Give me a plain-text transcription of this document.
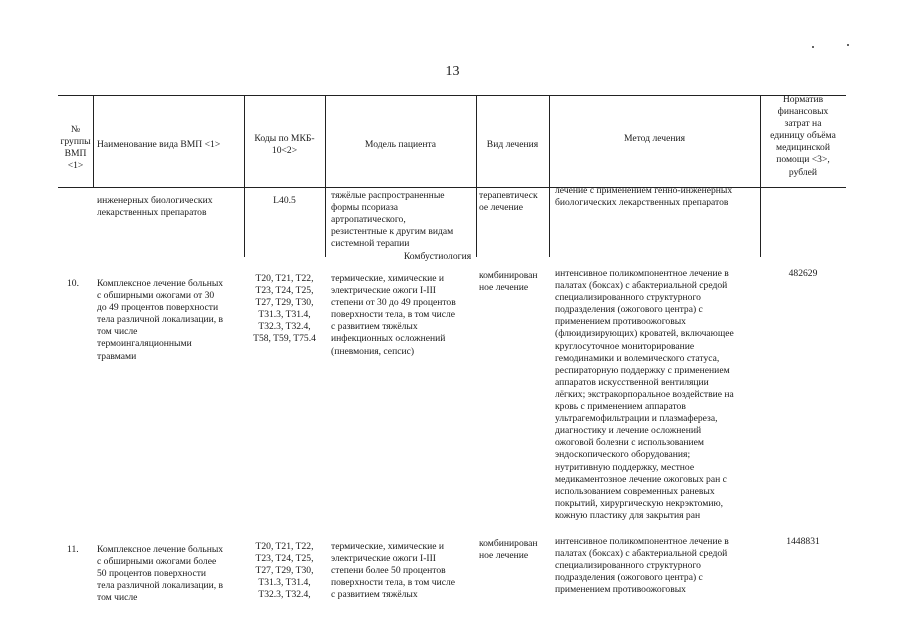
13
№
группы
ВМП
<1>
Наименование вида ВМП <1>
Коды по МКБ-
10<2>
Модель пациента	Вид лечения
Метод лечения
Норматив
финансовых
затрат на
единицу объёма
медицинской
помощи <3>,
рублей
инженерных биологических
лекарственных препаратов
L40.5	тяжёлые распространенные
формы псориаза
артропатического,
резистентные к другим видам
системной терапии
терапевтическ
ое лечение
лечение с применением генно-инженерных
биологических лекарственных препаратов
Комбустиология
10. Комплексное лечение больных
с обширными ожогами от 30
до 49 процентов поверхности
тела различной локализации, в
том числе
термоингаляционными
травмами
T20, T21, T22,
T23, T24, T25,
T27, T29, T30,
T31.3, T31.4,
T32.3, T32.4,
T58, T59, T75.4
термические, химические и
электрические ожоги I-III
степени от 30 до 49 процентов
поверхности тела, в том числе
с развитием тяжёлых
инфекционных осложнений
(пневмония, сепсис)
комбинирован
ное лечение
интенсивное поликомпонентное лечение в
палатах (боксах) с абактериальной средой
специализированного структурного
подразделения (ожогового центра) с
применением противоожоговых
(флюидизирующих) кроватей, включающее
круглосуточное мониторирование
гемодинамики и волемического статуса,
респираторную поддержку с применением
аппаратов искусственной вентиляции
лёгких; экстракорпоральное воздействие на
кровь с применением аппаратов
ультрагемофильтрации и плазмафереза,
диагностику и лечение осложнений
ожоговой болезни с использованием
эндоскопического оборудования;
нутритивную поддержку, местное
медикаментозное лечение ожоговых ран с
использованием современных раневых
покрытий, хирургическую некрэктомию,
кожную пластику для закрытия ран
482629
11. Комплексное лечение больных
с обширными ожогами более
50 процентов поверхности
тела различной локализации, в
том числе
T20, T21, T22,
T23, T24, T25,
T27, T29, T30,
T31.3, T31.4,
T32.3, T32.4,
термические, химические и
электрические ожоги I-III
степени более 50 процентов
поверхности тела, в том числе
с развитием тяжёлых
комбинирован
ное лечение
интенсивное поликомпонентное лечение в
палатах (боксах) с абактериальной средой
специализированного структурного
подразделения (ожогового центра) с
применением противоожоговых
1448831
